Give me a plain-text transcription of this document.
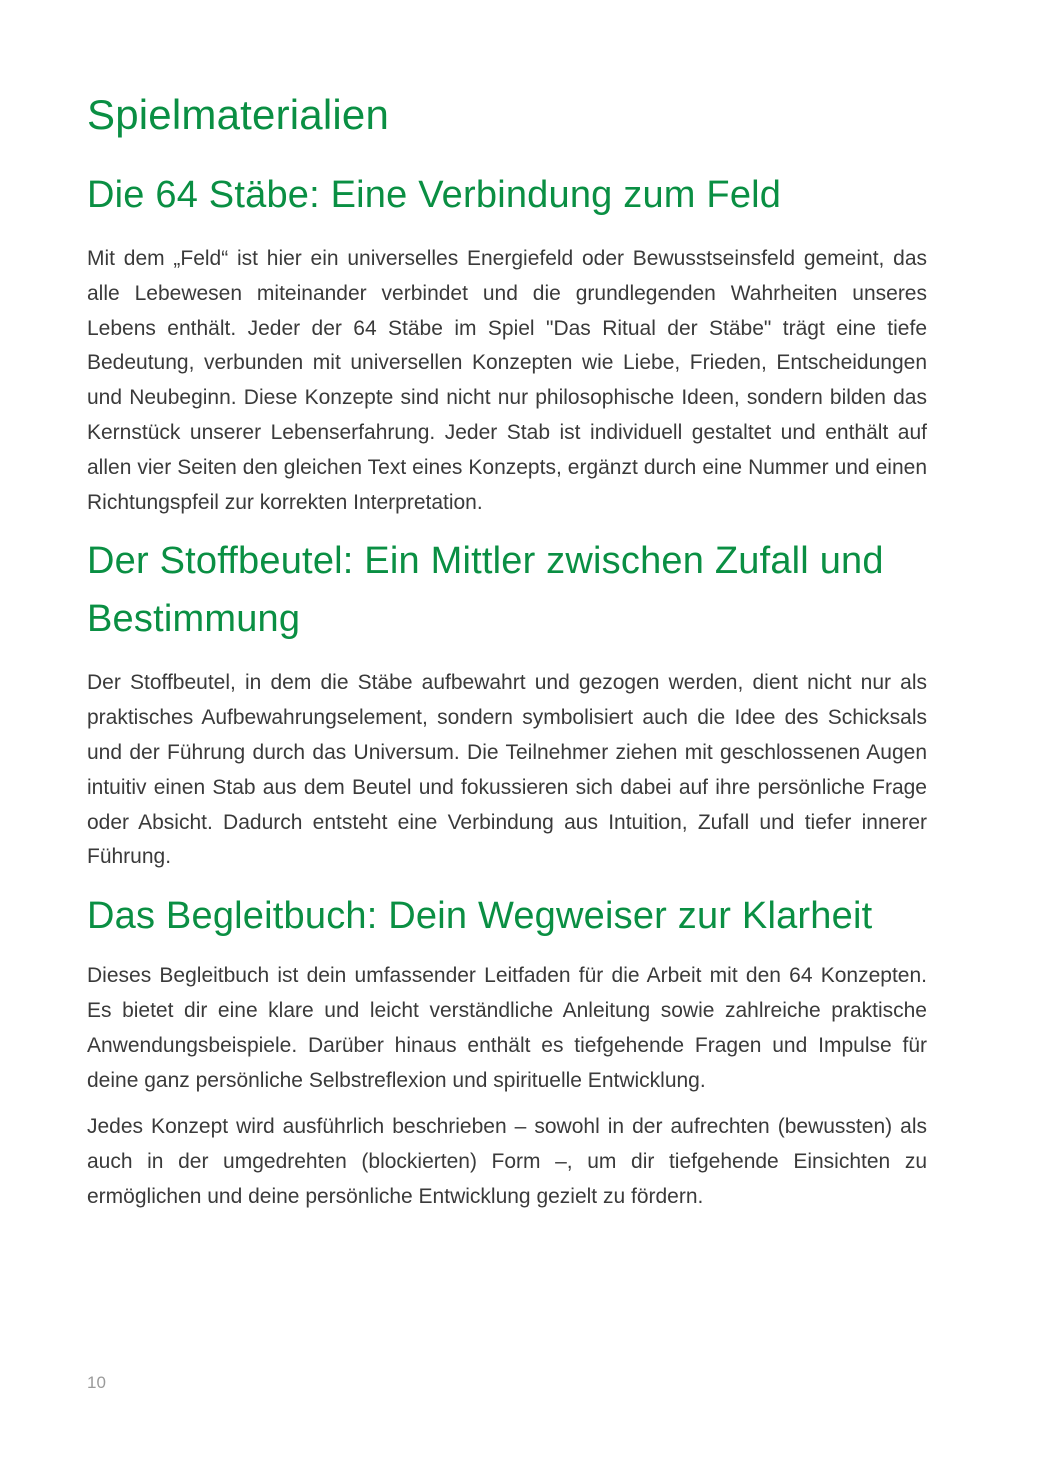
Spielmaterialien
Die 64 Stäbe: Eine Verbindung zum Feld

Mit dem „Feld“ ist hier ein universelles Energiefeld oder Bewusstseinsfeld gemeint, das alle Lebewesen miteinander verbindet und die grundlegenden Wahrheiten unseres Lebens enthält. Jeder der 64 Stäbe im Spiel "Das Ritual der Stäbe" trägt eine tiefe Bedeutung, verbunden mit universellen Konzepten wie Liebe, Frieden, Entscheidungen und Neubeginn. Diese Konzepte sind nicht nur philosophische Ideen, sondern bilden das Kernstück unserer Lebenserfahrung. Jeder Stab ist individuell gestaltet und enthält auf allen vier Seiten den gleichen Text eines Konzepts, ergänzt durch eine Nummer und einen Richtungspfeil zur korrekten Interpretation.

Der Stoffbeutel: Ein Mittler zwischen Zufall und Bestimmung

Der Stoffbeutel, in dem die Stäbe aufbewahrt und gezogen werden, dient nicht nur als praktisches Aufbewahrungselement, sondern symbolisiert auch die Idee des Schicksals und der Führung durch das Universum. Die Teilnehmer ziehen mit geschlossenen Augen intuitiv einen Stab aus dem Beutel und fokussieren sich dabei auf ihre persönliche Frage oder Absicht. Dadurch entsteht eine Verbindung aus Intuition, Zufall und tiefer innerer Führung.

Das Begleitbuch: Dein Wegweiser zur Klarheit

Dieses Begleitbuch ist dein umfassender Leitfaden für die Arbeit mit den 64 Konzepten. Es bietet dir eine klare und leicht verständliche Anleitung sowie zahlreiche praktische Anwendungsbeispiele. Darüber hinaus enthält es tiefgehende Fragen und Impulse für deine ganz persönliche Selbstreflexion und spirituelle Entwicklung.

Jedes Konzept wird ausführlich beschrieben – sowohl in der aufrechten (bewussten) als auch in der umgedrehten (blockierten) Form –, um dir tiefgehende Einsichten zu ermöglichen und deine persönliche Entwicklung gezielt zu fördern.

10
